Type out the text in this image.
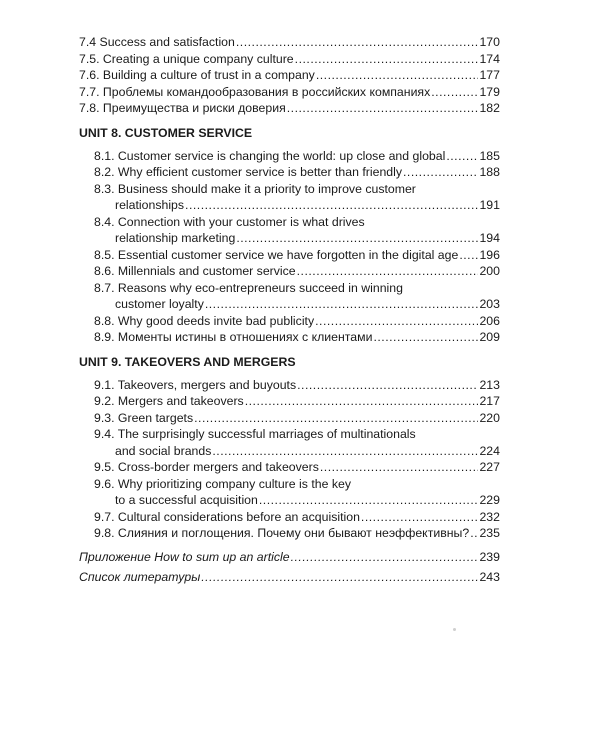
7.4 Success and satisfaction .....	170
7.5. Creating a unique company culture .....	174
7.6. Building a culture of trust in a company .....	177
7.7. Проблемы командообразования в российских компаниях .....	179
7.8. Преимущества и риски доверия .....	182
UNIT 8. CUSTOMER SERVICE
8.1. Customer service is changing the world: up close and global .....	185
8.2. Why efficient customer service is better than friendly .....	188
8.3. Business should make it a priority to improve customer
relationships .....	191
8.4. Connection with your customer is what drives
relationship marketing .....	194
8.5. Essential customer service we have forgotten in the digital age ..... 196
8.6. Millennials and customer service .....	200
8.7. Reasons why eco-entrepreneurs succeed in winning
customer loyalty .....	203
8.8. Why good deeds invite bad publicity .....	206
8.9. Моменты истины в отношениях с клиентами .....	209
UNIT 9. TAKEOVERS AND MERGERS
9.1. Takeovers, mergers and buyouts .....	213
9.2. Mergers and takeovers .....	217
9.3. Green targets .....	220
9.4. The surprisingly successful marriages of multinationals
and social brands .....	224
9.5. Cross-border mergers and takeovers .....	227
9.6. Why prioritizing company culture is the key
to a successful acquisition .....	229
9.7. Cultural considerations before an acquisition .....	232
9.8. Слияния и поглощения. Почему они бывают неэффективны? ..... 235
Приложение How to sum up an article .....	239
Список литературы .....	243
